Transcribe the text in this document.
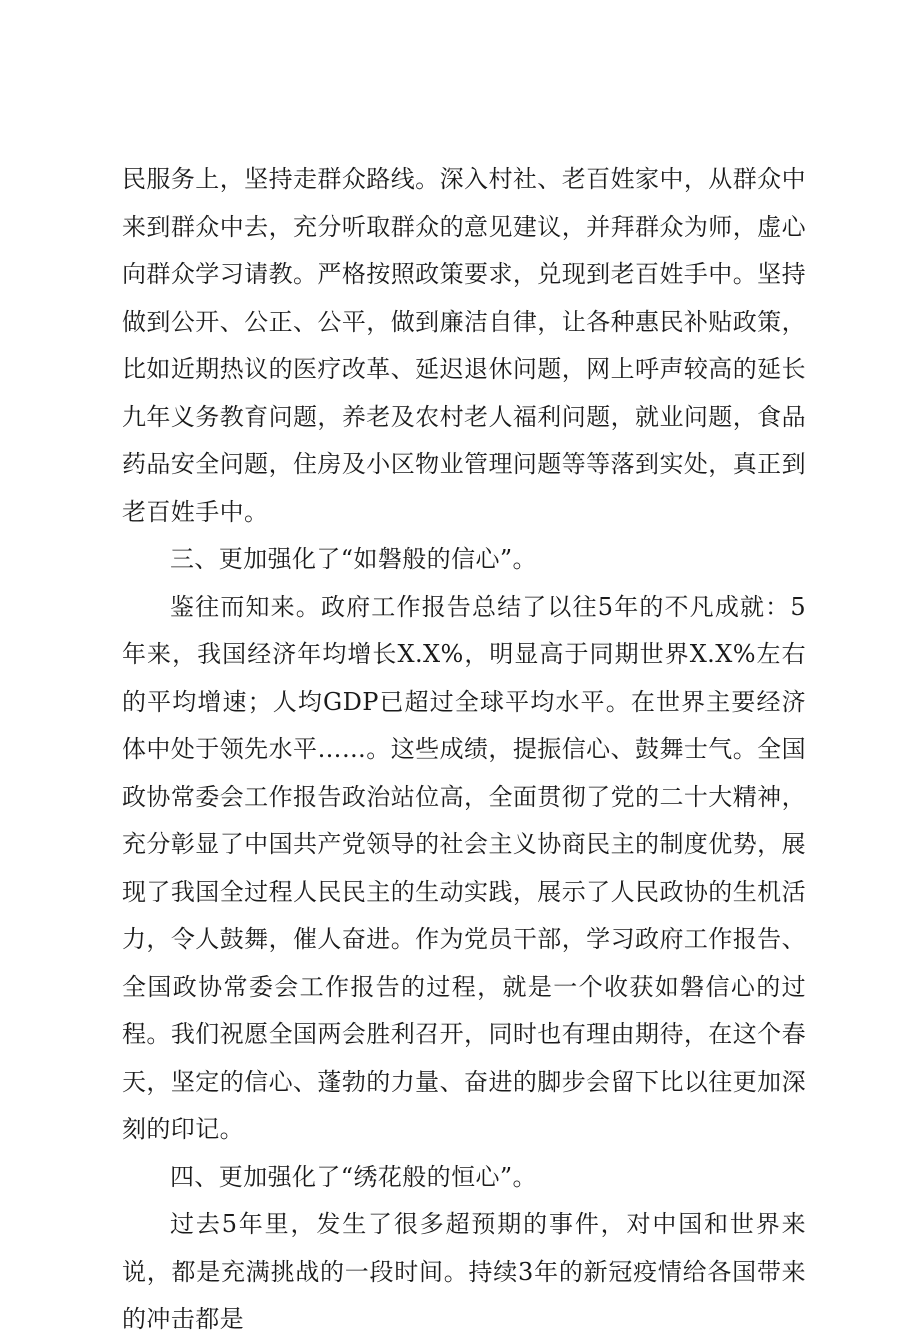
民服务上，坚持走群众路线。深入村社、老百姓家中，从群众中来到群众中去，充分听取群众的意见建议，并拜群众为师，虚心向群众学习请教。严格按照政策要求，兑现到老百姓手中。坚持做到公开、公正、公平，做到廉洁自律，让各种惠民补贴政策，比如近期热议的医疗改革、延迟退休问题，网上呼声较高的延长九年义务教育问题，养老及农村老人福利问题，就业问题，食品药品安全问题，住房及小区物业管理问题等等落到实处，真正到老百姓手中。

三、更加强化了“如磐般的信心”。

鉴往而知来。政府工作报告总结了以往5年的不凡成就：5年来，我国经济年均增长X.X%，明显高于同期世界X.X%左右的平均增速；人均GDP已超过全球平均水平。在世界主要经济体中处于领先水平……。这些成绩，提振信心、鼓舞士气。全国政协常委会工作报告政治站位高，全面贯彻了党的二十大精神，充分彰显了中国共产党领导的社会主义协商民主的制度优势，展现了我国全过程人民民主的生动实践，展示了人民政协的生机活力，令人鼓舞，催人奋进。作为党员干部，学习政府工作报告、全国政协常委会工作报告的过程，就是一个收获如磐信心的过程。我们祝愿全国两会胜利召开，同时也有理由期待，在这个春天，坚定的信心、蓬勃的力量、奋进的脚步会留下比以往更加深刻的印记。

四、更加强化了“绣花般的恒心”。

过去5年里，发生了很多超预期的事件，对中国和世界来说，都是充满挑战的一段时间。持续3年的新冠疫情给各国带来的冲击都是
